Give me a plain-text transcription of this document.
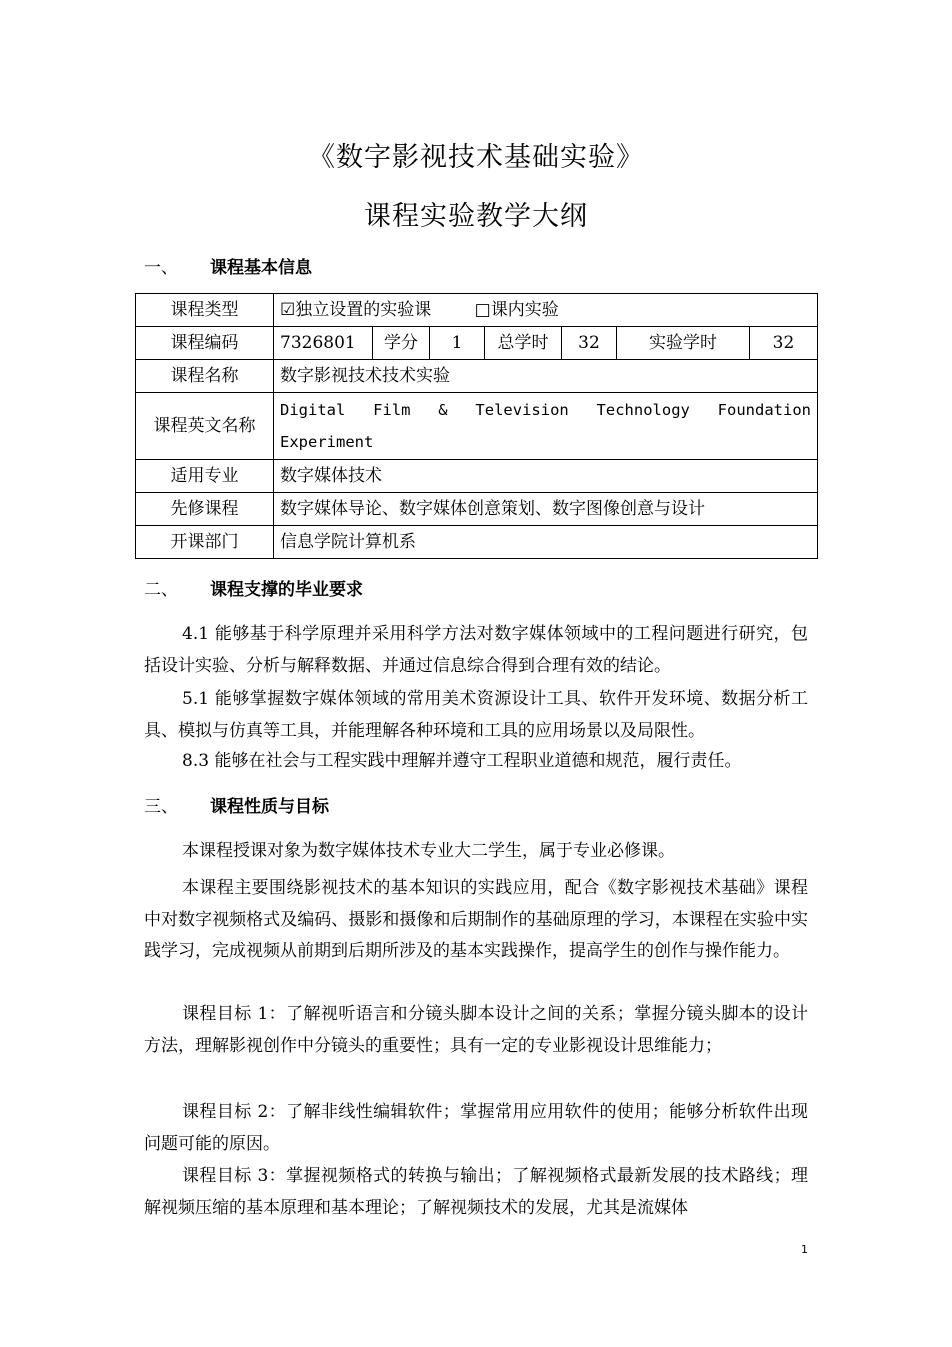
《数字影视技术基础实验》
课程实验教学大纲
一、 课程基本信息
课程类型	☑独立设置的实验课 □课内实验						
课程编码	7326801	学分	1	总学时	32	实验学时	32
课程名称	数字影视技术技术实验						
课程英文名称	Digital Film & Television Technology Foundation Experiment						
适用专业	数字媒体技术						
先修课程	数字媒体导论、数字媒体创意策划、数字图像创意与设计						
开课部门	信息学院计算机系						
二、 课程支撑的毕业要求
4.1 能够基于科学原理并采用科学方法对数字媒体领域中的工程问题进行研究，包括设计实验、分析与解释数据、并通过信息综合得到合理有效的结论。
5.1 能够掌握数字媒体领域的常用美术资源设计工具、软件开发环境、数据分析工具、模拟与仿真等工具，并能理解各种环境和工具的应用场景以及局限性。
8.3 能够在社会与工程实践中理解并遵守工程职业道德和规范，履行责任。
三、 课程性质与目标
本课程授课对象为数字媒体技术专业大二学生，属于专业必修课。
本课程主要围绕影视技术的基本知识的实践应用，配合《数字影视技术基础》课程中对数字视频格式及编码、摄影和摄像和后期制作的基础原理的学习，本课程在实验中实践学习，完成视频从前期到后期所涉及的基本实践操作，提高学生的创作与操作能力。
课程目标 1：了解视听语言和分镜头脚本设计之间的关系；掌握分镜头脚本的设计方法，理解影视创作中分镜头的重要性；具有一定的专业影视设计思维能力；
课程目标 2：了解非线性编辑软件；掌握常用应用软件的使用；能够分析软件出现问题可能的原因。
课程目标 3：掌握视频格式的转换与输出；了解视频格式最新发展的技术路线；理解视频压缩的基本原理和基本理论；了解视频技术的发展，尤其是流媒体
1
